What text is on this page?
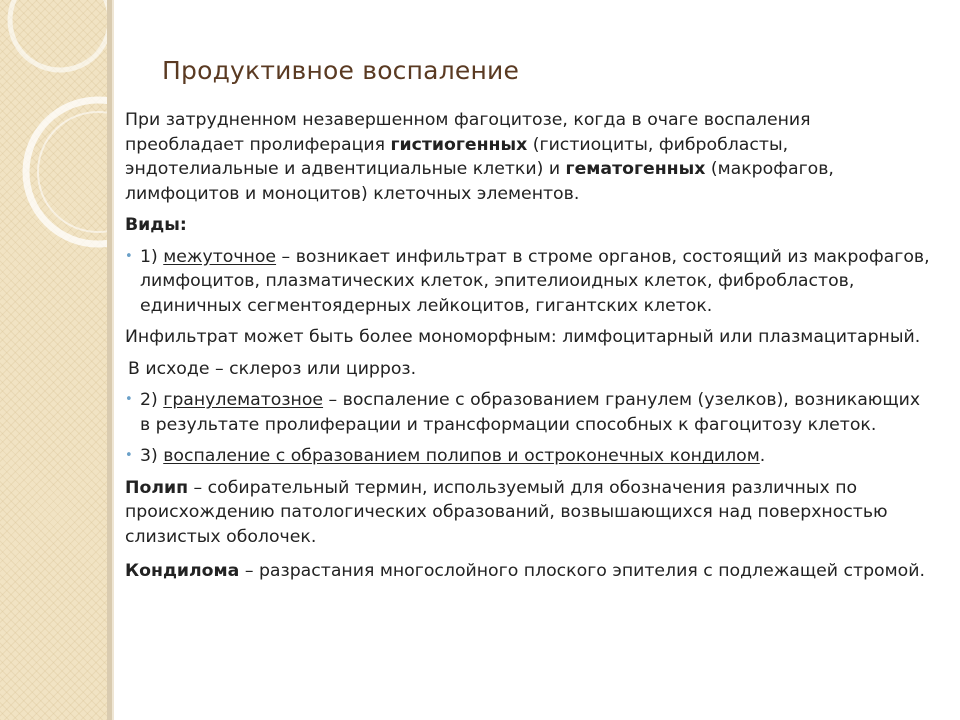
Продуктивное воспаление

При затрудненном незавершенном фагоцитозе, когда в очаге воспаления преобладает пролиферация гистиогенных (гистиоциты, фибробласты, эндотелиальные и адвентициальные клетки) и гематогенных (макрофагов, лимфоцитов и моноцитов) клеточных элементов.

Виды:

• 1) межуточное – возникает инфильтрат в строме органов, состоящий из макрофагов, лимфоцитов, плазматических клеток, эпителиоидных клеток, фибробластов, единичных сегментоядерных лейкоцитов, гигантских клеток.

Инфильтрат может быть более мономорфным: лимфоцитарный или плазмацитарный.

В исходе – склероз или цирроз.

• 2) гранулематозное – воспаление с образованием гранулем (узелков), возникающих в результате пролиферации и трансформации способных к фагоцитозу клеток.

• 3) воспаление с образованием полипов и остроконечных кондилом.

Полип – собирательный термин, используемый для обозначения различных по происхождению патологических образований, возвышающихся над поверхностью слизистых оболочек.

Кондилома – разрастания многослойного плоского эпителия с подлежащей стромой.
